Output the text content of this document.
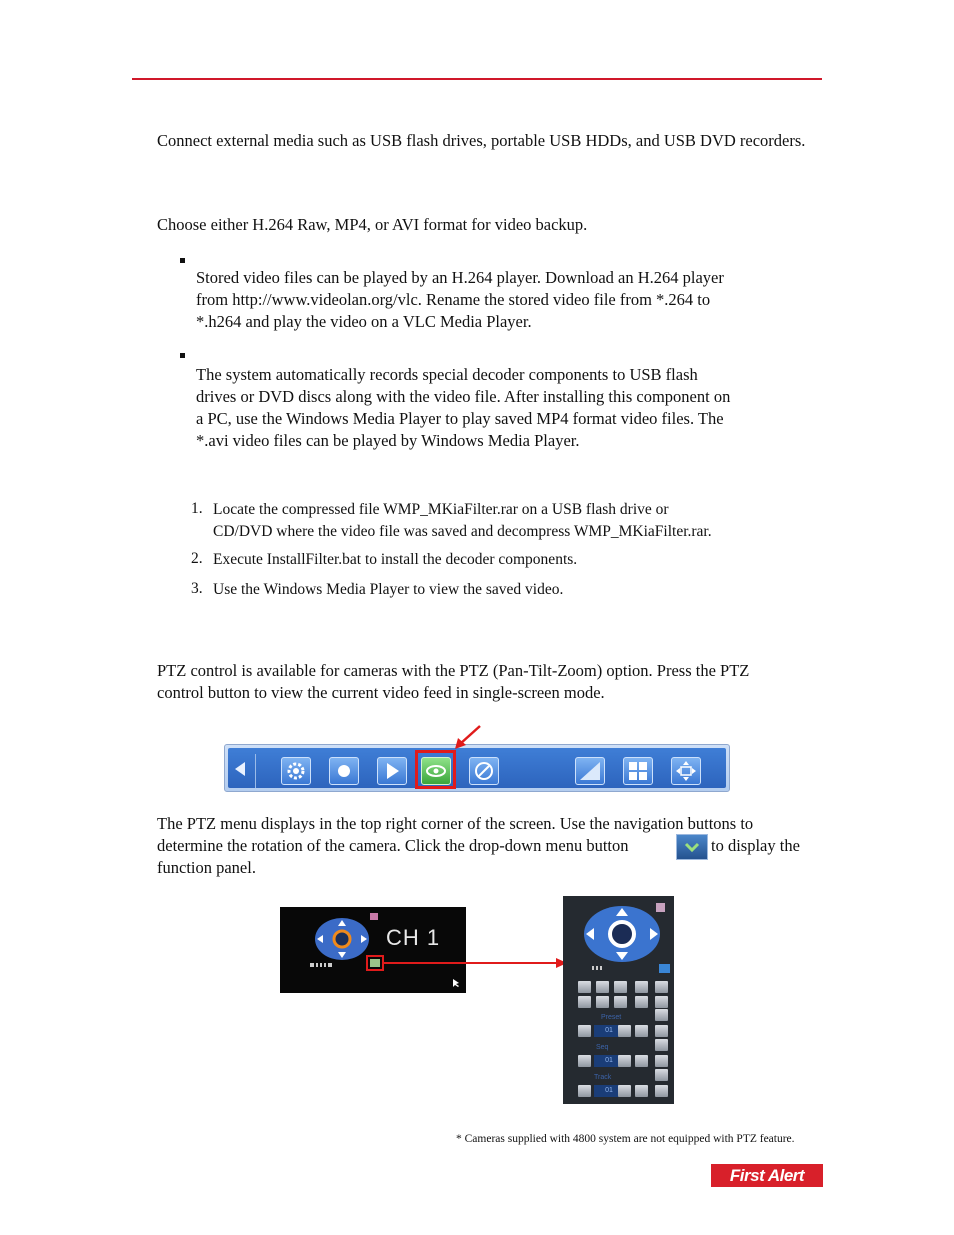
Connect external media such as USB flash drives, portable USB HDDs, and USB DVD recorders.
Choose either H.264 Raw, MP4, or AVI format for video backup.
Stored video files can be played by an H.264 player. Download an H.264 player
from http://www.videolan.org/vlc. Rename the stored video file from *.264 to
*.h264 and play the video on a VLC Media Player.
The system automatically records special decoder components to USB flash
drives or DVD discs along with the video file. After installing this component on
a PC, use the Windows Media Player to play saved MP4 format video files. The
*.avi video files can be played by Windows Media Player.
1. Locate the compressed file WMP_MKiaFilter.rar on a USB flash drive or
CD/DVD where the video file was saved and decompress WMP_MKiaFilter.rar.
2. Execute InstallFilter.bat to install the decoder components.
3. Use the Windows Media Player to view the saved video.
PTZ control is available for cameras with the PTZ (Pan-Tilt-Zoom) option. Press the PTZ
control button to view the current video feed in single-screen mode.
The PTZ menu displays in the top right corner of the screen. Use the navigation buttons to
determine the rotation of the camera. Click the drop-down menu button
function panel.
to display the
CH 1
Preset
01
Seq
01
Track
01
* Cameras supplied with 4800 system are not equipped with PTZ feature.
First Alert
